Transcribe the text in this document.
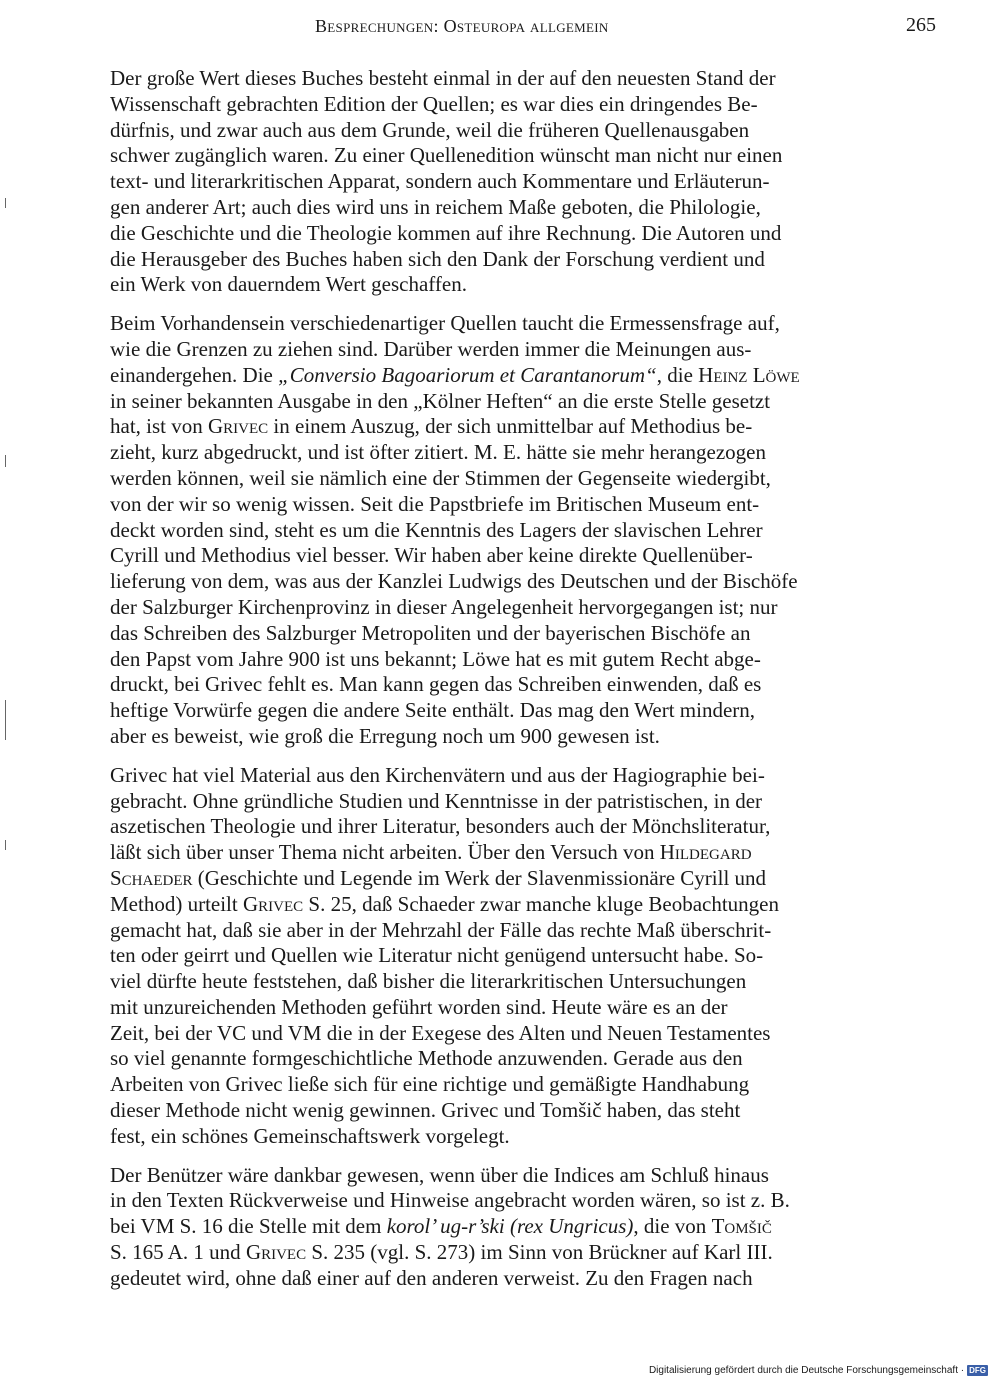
Besprechungen: Osteuropa allgemein	265

Der große Wert dieses Buches besteht einmal in der auf den neuesten Stand der
Wissenschaft gebrachten Edition der Quellen; es war dies ein dringendes Be-
dürfnis, und zwar auch aus dem Grunde, weil die früheren Quellenausgaben
schwer zugänglich waren. Zu einer Quellenedition wünscht man nicht nur einen
text- und literarkritischen Apparat, sondern auch Kommentare und Erläuterun-
gen anderer Art; auch dies wird uns in reichem Maße geboten, die Philologie,
die Geschichte und die Theologie kommen auf ihre Rechnung. Die Autoren und
die Herausgeber des Buches haben sich den Dank der Forschung verdient und
ein Werk von dauerndem Wert geschaffen.

Beim Vorhandensein verschiedenartiger Quellen taucht die Ermessensfrage auf,
wie die Grenzen zu ziehen sind. Darüber werden immer die Meinungen aus-
einandergehen. Die „Conversio Bagoariorum et Carantanorum“, die Heinz Löwe
in seiner bekannten Ausgabe in den „Kölner Heften“ an die erste Stelle gesetzt
hat, ist von Grivec in einem Auszug, der sich unmittelbar auf Methodius be-
zieht, kurz abgedruckt, und ist öfter zitiert. M. E. hätte sie mehr herangezogen
werden können, weil sie nämlich eine der Stimmen der Gegenseite wiedergibt,
von der wir so wenig wissen. Seit die Papstbriefe im Britischen Museum ent-
deckt worden sind, steht es um die Kenntnis des Lagers der slavischen Lehrer
Cyrill und Methodius viel besser. Wir haben aber keine direkte Quellenüber-
lieferung von dem, was aus der Kanzlei Ludwigs des Deutschen und der Bischöfe
der Salzburger Kirchenprovinz in dieser Angelegenheit hervorgegangen ist; nur
das Schreiben des Salzburger Metropoliten und der bayerischen Bischöfe an
den Papst vom Jahre 900 ist uns bekannt; Löwe hat es mit gutem Recht abge-
druckt, bei Grivec fehlt es. Man kann gegen das Schreiben einwenden, daß es
heftige Vorwürfe gegen die andere Seite enthält. Das mag den Wert mindern,
aber es beweist, wie groß die Erregung noch um 900 gewesen ist.

Grivec hat viel Material aus den Kirchenvätern und aus der Hagiographie bei-
gebracht. Ohne gründliche Studien und Kenntnisse in der patristischen, in der
aszetischen Theologie und ihrer Literatur, besonders auch der Mönchsliteratur,
läßt sich über unser Thema nicht arbeiten. Über den Versuch von Hildegard
Schaeder (Geschichte und Legende im Werk der Slavenmissionäre Cyrill und
Method) urteilt Grivec S. 25, daß Schaeder zwar manche kluge Beobachtungen
gemacht hat, daß sie aber in der Mehrzahl der Fälle das rechte Maß überschrit-
ten oder geirrt und Quellen wie Literatur nicht genügend untersucht habe. So-
viel dürfte heute feststehen, daß bisher die literarkritischen Untersuchungen
mit unzureichenden Methoden geführt worden sind. Heute wäre es an der
Zeit, bei der VC und VM die in der Exegese des Alten und Neuen Testamentes
so viel genannte formgeschichtliche Methode anzuwenden. Gerade aus den
Arbeiten von Grivec ließe sich für eine richtige und gemäßigte Handhabung
dieser Methode nicht wenig gewinnen. Grivec und Tomšič haben, das steht
fest, ein schönes Gemeinschaftswerk vorgelegt.

Der Benützer wäre dankbar gewesen, wenn über die Indices am Schluß hinaus
in den Texten Rückverweise und Hinweise angebracht worden wären, so ist z. B.
bei VM S. 16 die Stelle mit dem korol’ ug-r’ski (rex Ungricus), die von Tomšič
S. 165 A. 1 und Grivec S. 235 (vgl. S. 273) im Sinn von Brückner auf Karl III.
gedeutet wird, ohne daß einer auf den anderen verweist. Zu den Fragen nach

Digitalisierung gefördert durch die Deutsche Forschungsgemeinschaft · DFG
